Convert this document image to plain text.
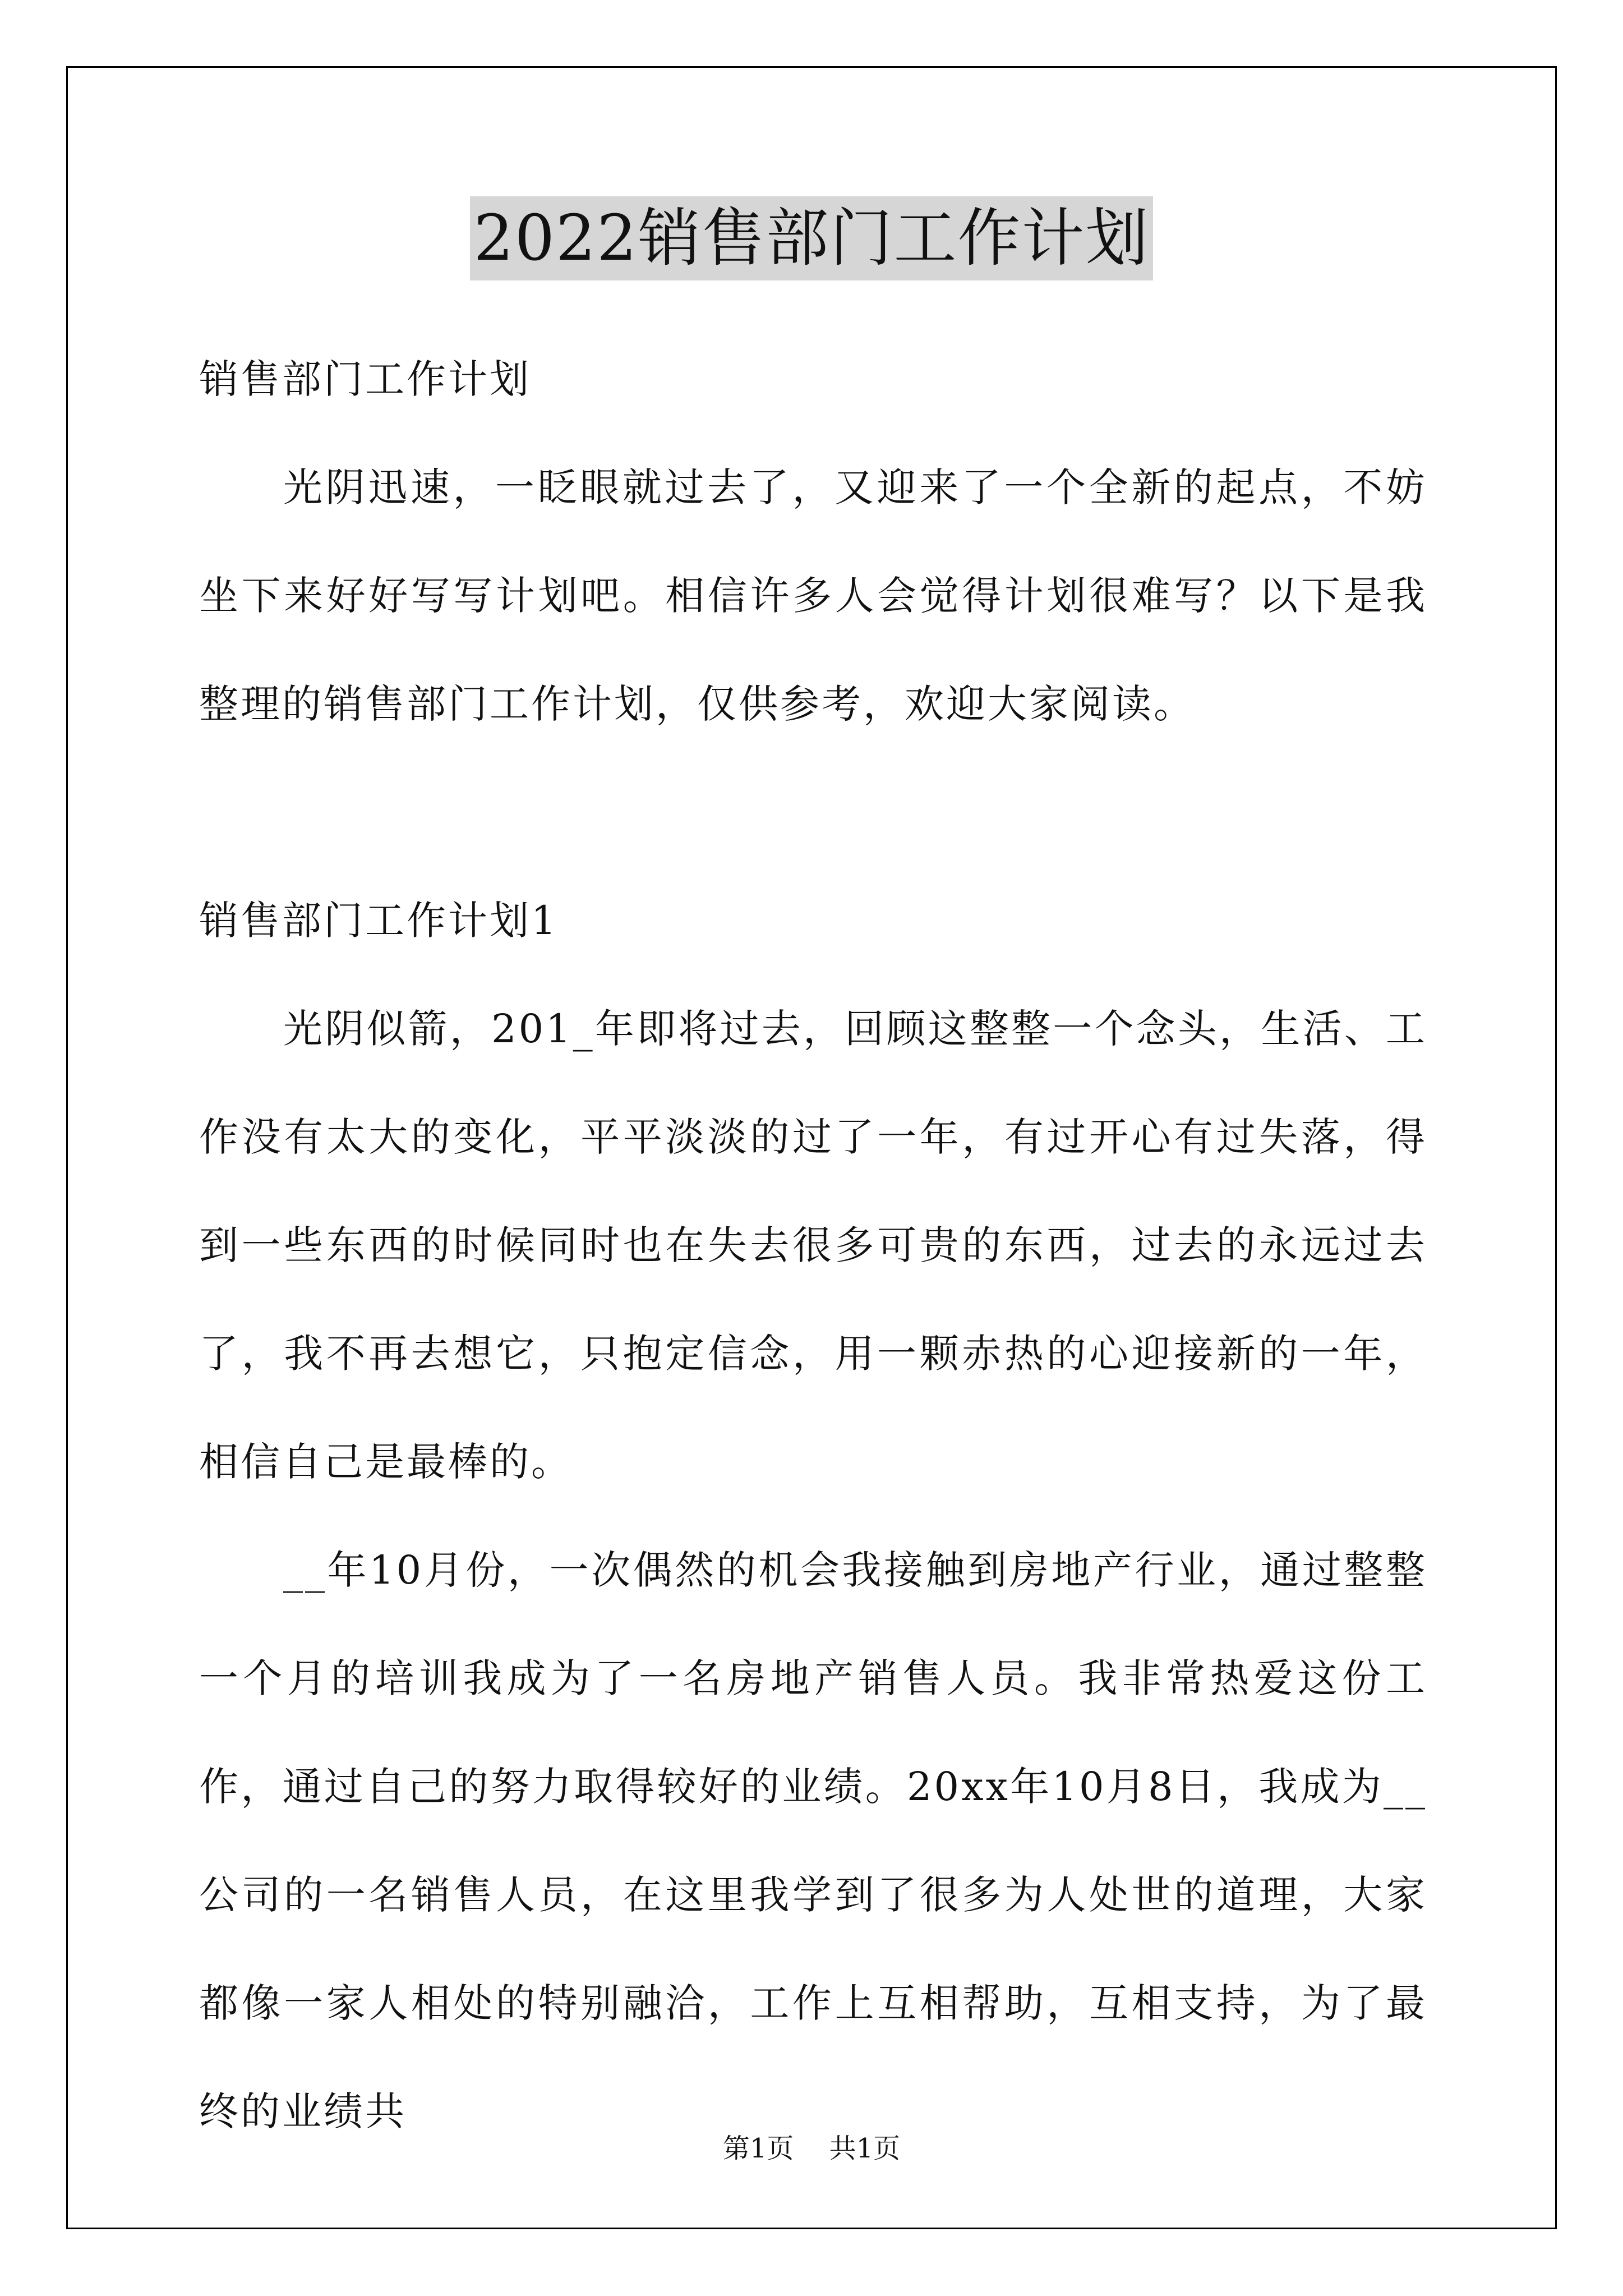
2022销售部门工作计划

销售部门工作计划

光阴迅速，一眨眼就过去了，又迎来了一个全新的起点，不妨坐下来好好写写计划吧。相信许多人会觉得计划很难写？以下是我整理的销售部门工作计划，仅供参考，欢迎大家阅读。

销售部门工作计划1

光阴似箭，201_年即将过去，回顾这整整一个念头，生活、工作没有太大的变化，平平淡淡的过了一年，有过开心有过失落，得到一些东西的时候同时也在失去很多可贵的东西，过去的永远过去了，我不再去想它，只抱定信念，用一颗赤热的心迎接新的一年，相信自己是最棒的。

__年10月份，一次偶然的机会我接触到房地产行业，通过整整一个月的培训我成为了一名房地产销售人员。我非常热爱这份工作，通过自己的努力取得较好的业绩。20xx年10月8日，我成为__公司的一名销售人员，在这里我学到了很多为人处世的道理，大家都像一家人相处的特别融洽，工作上互相帮助，互相支持，为了最终的业绩共

第1页 共1页
